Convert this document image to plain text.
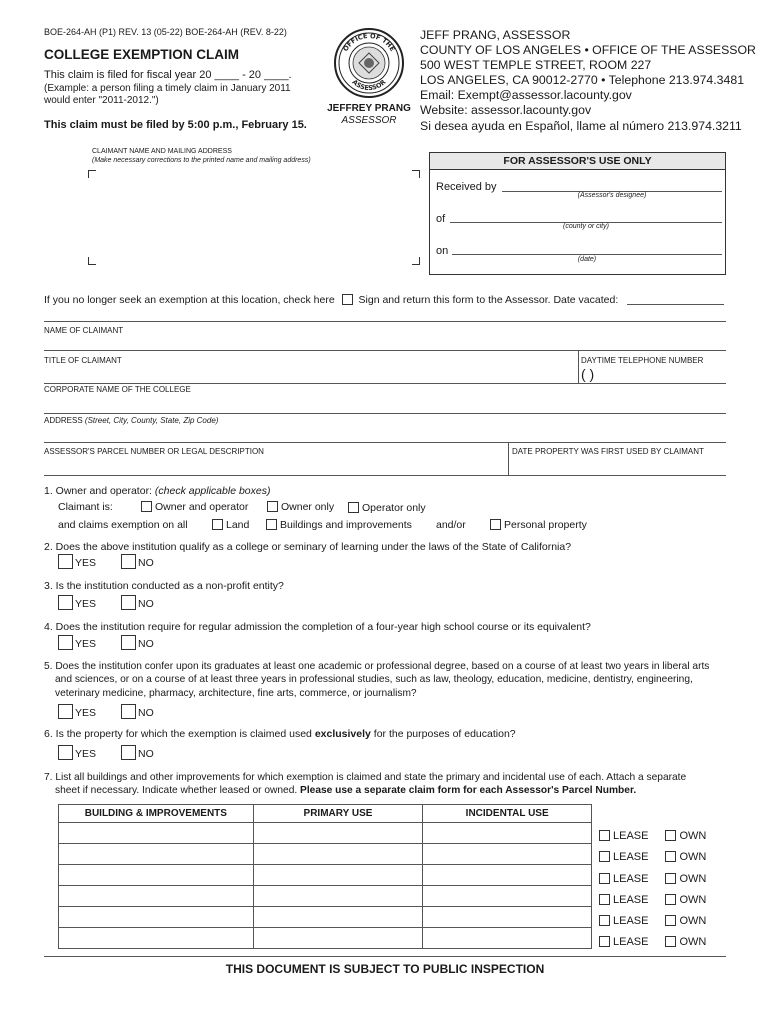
BOE-264-AH (P1) REV. 13 (05-22) BOE-264-AH (REV. 8-22)
COLLEGE EXEMPTION CLAIM
This claim is filed for fiscal year 20 ____ - 20 ____.
(Example: a person filing a timely claim in January 2011
would enter "2011-2012.")
This claim must be filed by 5:00 p.m., February 15.
OFFICE OF THE
ASSESSOR
JEFFREY PRANG
ASSESSOR
JEFF PRANG, ASSESSOR
COUNTY OF LOS ANGELES • OFFICE OF THE ASSESSOR
500 WEST TEMPLE STREET, ROOM 227
LOS ANGELES, CA 90012-2770 • Telephone 213.974.3481
Email: Exempt@assessor.lacounty.gov
Website: assessor.lacounty.gov
Si desea ayuda en Español, llame al número 213.974.3211
CLAIMANT NAME AND MAILING ADDRESS
(Make necessary corrections to the printed name and mailing address)	FOR ASSESSOR'S USE ONLY
Received by
(Assessor's designee)
of
(county or city)
on
(date)
If you no longer seek an exemption at this location, check here Sign and return this form to the Assessor. Date vacated:
NAME OF CLAIMANT
TITLE OF CLAIMANT	DAYTIME TELEPHONE NUMBER
( )
CORPORATE NAME OF THE COLLEGE
ADDRESS (Street, City, County, State, Zip Code)
ASSESSOR'S PARCEL NUMBER OR LEGAL DESCRIPTION	DATE PROPERTY WAS FIRST USED BY CLAIMANT
1. Owner and operator: (check applicable boxes)
Claimant is:	Owner and operator	Owner only	Operator only
and claims exemption on all	Land	Buildings and improvements and/or	Personal property
2. Does the above institution qualify as a college or seminary of learning under the laws of the State of California?
YES	NO
3. Is the institution conducted as a non-profit entity?
YES	NO
4. Does the institution require for regular admission the completion of a four-year high school course or its equivalent?
YES	NO
5. Does the institution confer upon its graduates at least one academic or professional degree, based on a course of at least two years in liberal arts
and sciences, or on a course of at least three years in professional studies, such as law, theology, education, medicine, dentistry, engineering,
veterinary medicine, pharmacy, architecture, fine arts, commerce, or journalism?
YES	NO
6. Is the property for which the exemption is claimed used exclusively for the purposes of education?
YES	NO
7. List all buildings and other improvements for which exemption is claimed and state the primary and incidental use of each. Attach a separate
sheet if necessary. Indicate whether leased or owned. Please use a separate claim form for each Assessor's Parcel Number.
BUILDING & IMPROVEMENTS	PRIMARY USE	INCIDENTAL USE

LEASE	OWN
LEASE	OWN
LEASE	OWN
LEASE	OWN
LEASE	OWN
LEASE	OWN
THIS DOCUMENT IS SUBJECT TO PUBLIC INSPECTION
